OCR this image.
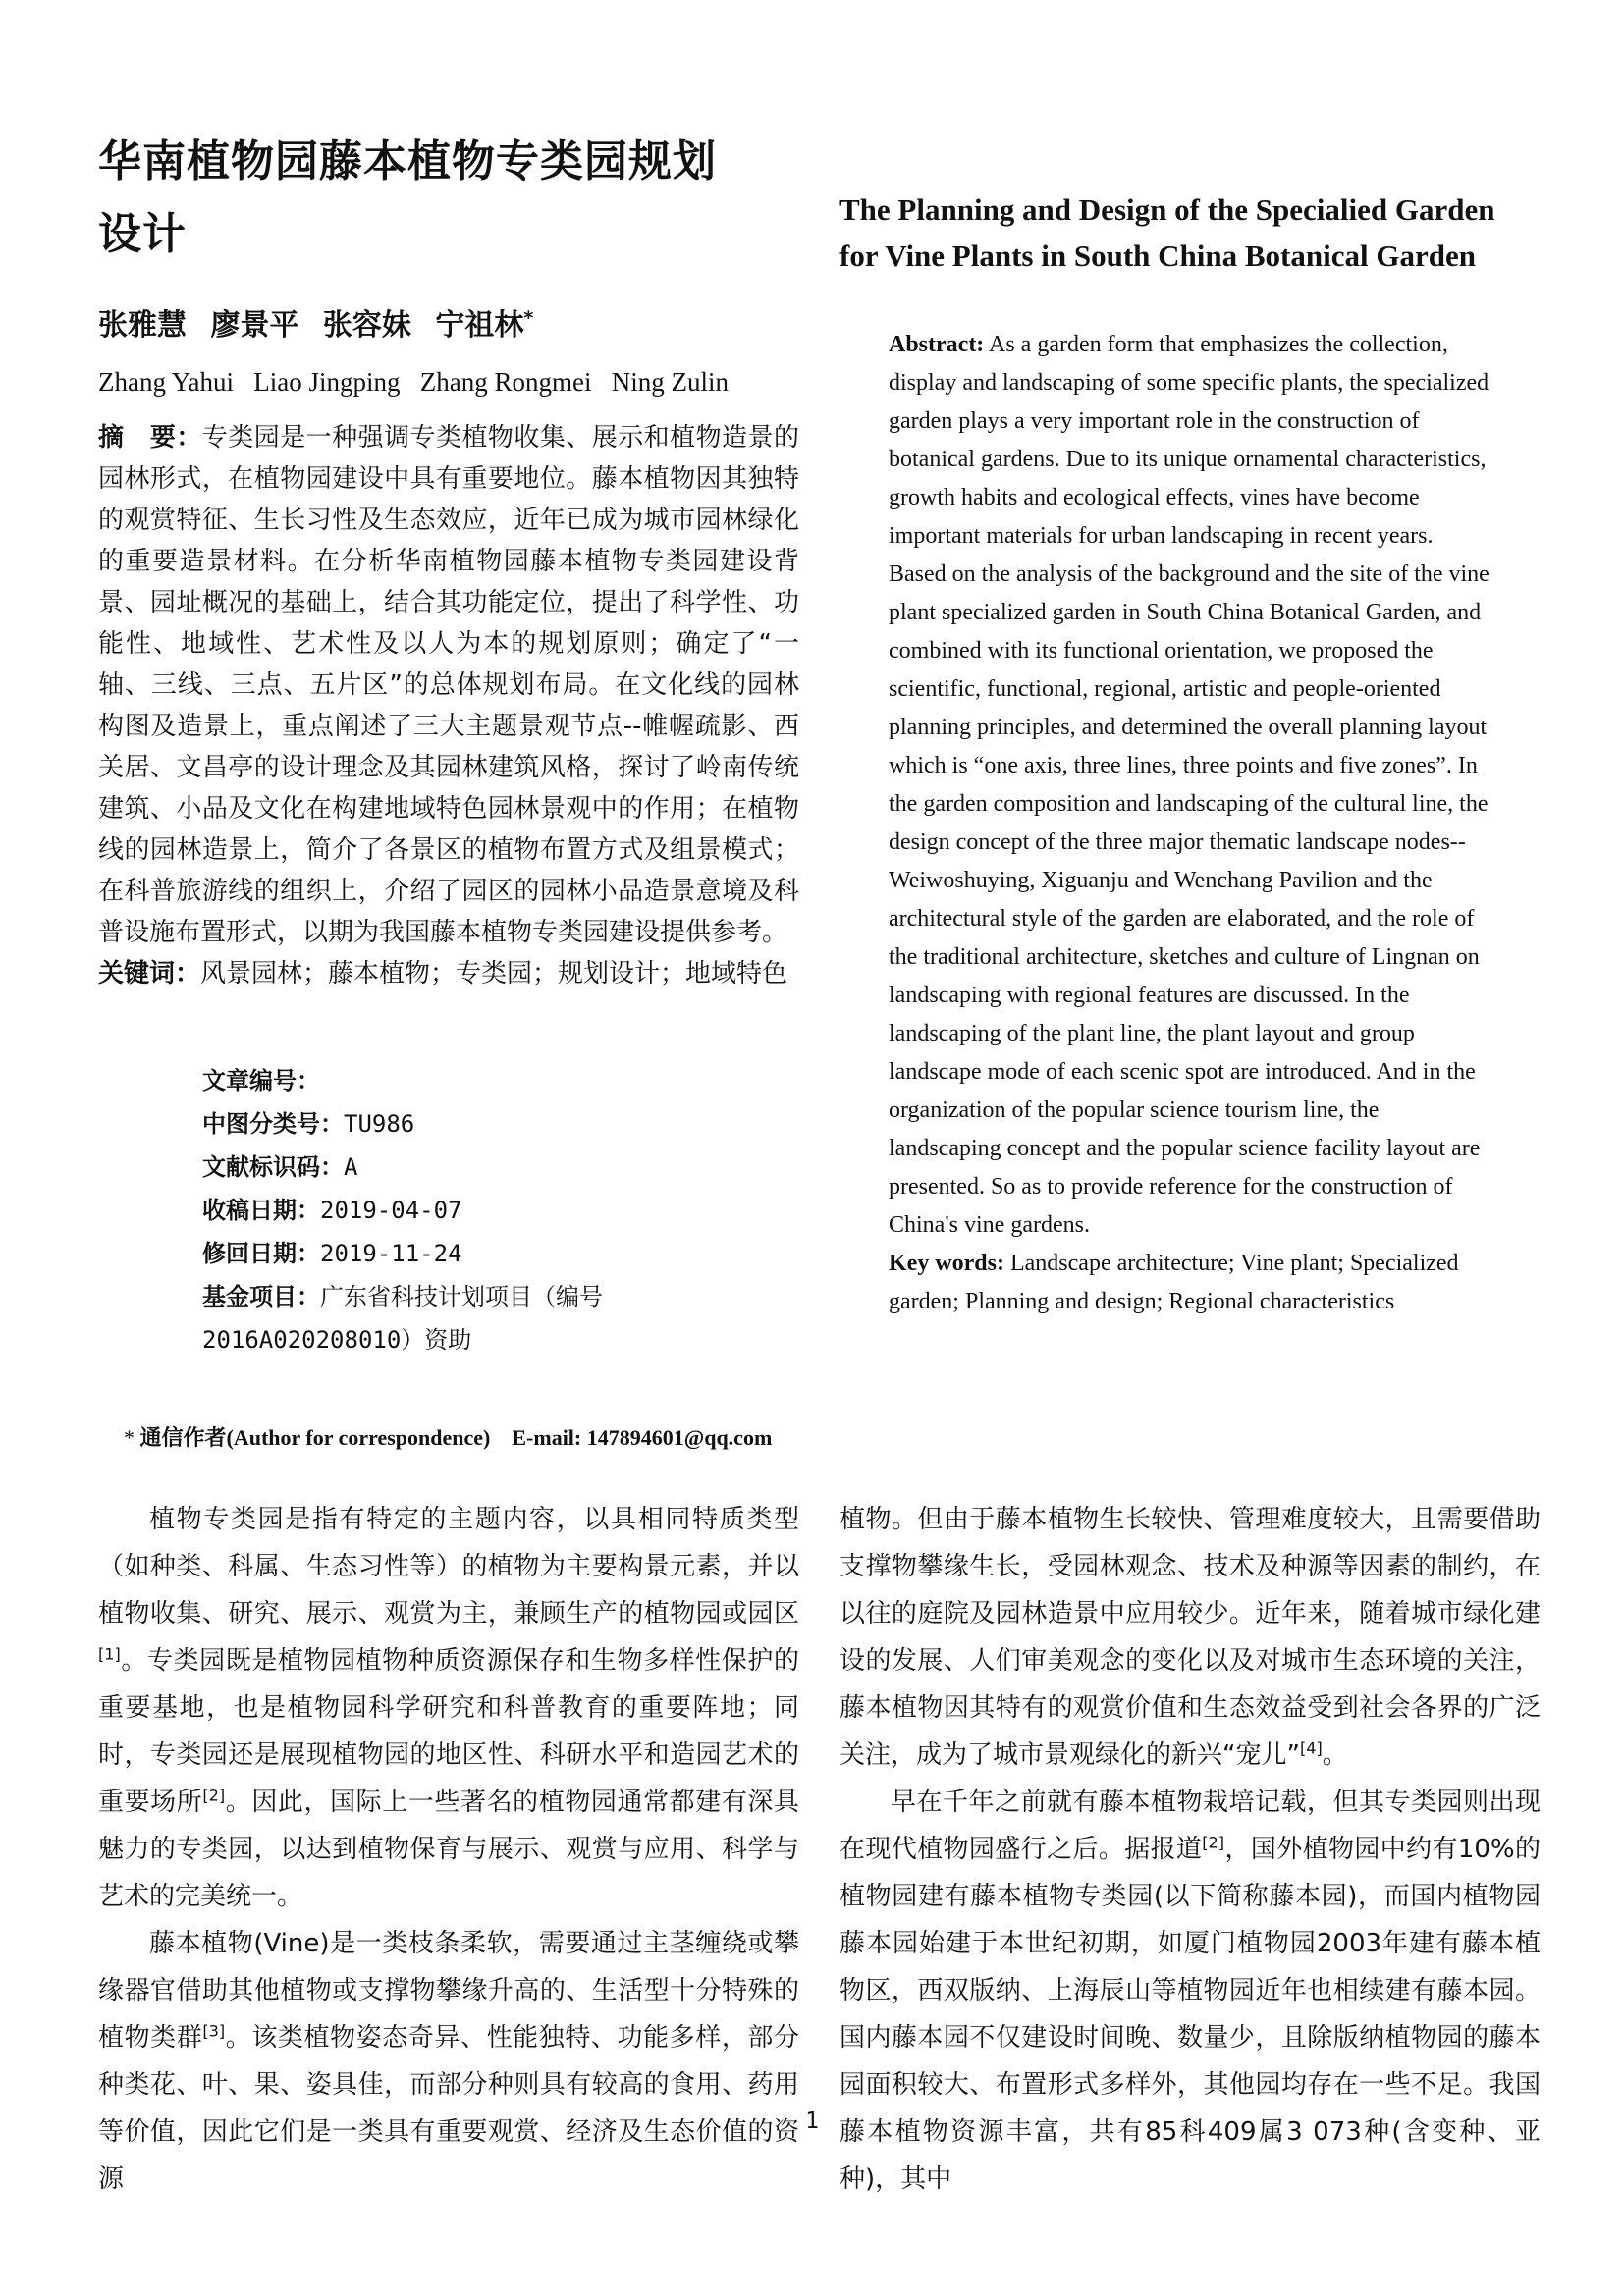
华南植物园藤本植物专类园规划设计
张雅慧 廖景平 张容妹 宁祖林*
Zhang Yahui   Liao Jingping   Zhang Rongmei   Ning Zulin

摘　要：专类园是一种强调专类植物收集、展示和植物造景的园林形式，在植物园建设中具有重要地位。藤本植物因其独特的观赏特征、生长习性及生态效应，近年已成为城市园林绿化的重要造景材料。在分析华南植物园藤本植物专类园建设背景、园址概况的基础上，结合其功能定位，提出了科学性、功能性、地域性、艺术性及以人为本的规划原则；确定了“一轴、三线、三点、五片区”的总体规划布局。在文化线的园林构图及造景上，重点阐述了三大主题景观节点--帷幄疏影、西关居、文昌亭的设计理念及其园林建筑风格，探讨了岭南传统建筑、小品及文化在构建地域特色园林景观中的作用；在植物线的园林造景上，简介了各景区的植物布置方式及组景模式；在科普旅游线的组织上，介绍了园区的园林小品造景意境及科普设施布置形式，以期为我国藤本植物专类园建设提供参考。

关键词：风景园林；藤本植物；专类园；规划设计；地域特色

文章编号：
中图分类号：TU986
文献标识码：A
收稿日期：2019-04-07
修回日期：2019-11-24
基金项目：广东省科技计划项目（编号2016A020208010）资助
The Planning and Design of the Specialied Garden for Vine Plants in South China Botanical Garden

Abstract: As a garden form that emphasizes the collection, display and landscaping of some specific plants, the specialized garden plays a very important role in the construction of botanical gardens. Due to its unique ornamental characteristics, growth habits and ecological effects, vines have become important materials for urban landscaping in recent years. Based on the analysis of the background and the site of the vine plant specialized garden in South China Botanical Garden, and combined with its functional orientation, we proposed the scientific, functional, regional, artistic and people-oriented planning principles, and determined the overall planning layout which is “one axis, three lines, three points and five zones”. In the garden composition and landscaping of the cultural line, the design concept of the three major thematic landscape nodes--Weiwoshuying, Xiguanju and Wenchang Pavilion and the architectural style of the garden are elaborated, and the role of the traditional architecture, sketches and culture of Lingnan on landscaping with regional features are discussed. In the landscaping of the plant line, the plant layout and group landscape mode of each scenic spot are introduced. And in the organization of the popular science tourism line, the landscaping concept and the popular science facility layout are presented. So as to provide reference for the construction of China's vine gardens.

Key words: Landscape architecture; Vine plant; Specialized garden; Planning and design; Regional characteristics

* 通信作者(Author for correspondence)　E-mail: 147894601@qq.com

植物专类园是指有特定的主题内容，以具相同特质类型（如种类、科属、生态习性等）的植物为主要构景元素，并以植物收集、研究、展示、观赏为主，兼顾生产的植物园或园区[1]。专类园既是植物园植物种质资源保存和生物多样性保护的重要基地，也是植物园科学研究和科普教育的重要阵地；同时，专类园还是展现植物园的地区性、科研水平和造园艺术的重要场所[2]。因此，国际上一些著名的植物园通常都建有深具魅力的专类园，以达到植物保育与展示、观赏与应用、科学与艺术的完美统一。

藤本植物(Vine)是一类枝条柔软，需要通过主茎缠绕或攀缘器官借助其他植物或支撑物攀缘升高的、生活型十分特殊的植物类群[3]。该类植物姿态奇异、性能独特、功能多样，部分种类花、叶、果、姿具佳，而部分种则具有较高的食用、药用等价值，因此它们是一类具有重要观赏、经济及生态价值的资源

植物。但由于藤本植物生长较快、管理难度较大，且需要借助支撑物攀缘生长，受园林观念、技术及种源等因素的制约，在以往的庭院及园林造景中应用较少。近年来，随着城市绿化建设的发展、人们审美观念的变化以及对城市生态环境的关注，藤本植物因其特有的观赏价值和生态效益受到社会各界的广泛关注，成为了城市景观绿化的新兴“宠儿”[4]。

早在千年之前就有藤本植物栽培记载，但其专类园则出现在现代植物园盛行之后。据报道[2]，国外植物园中约有10%的植物园建有藤本植物专类园(以下简称藤本园)，而国内植物园藤本园始建于本世纪初期，如厦门植物园2003年建有藤本植物区，西双版纳、上海辰山等植物园近年也相续建有藤本园。国内藤本园不仅建设时间晚、数量少，且除版纳植物园的藤本园面积较大、布置形式多样外，其他园均存在一些不足。我国藤本植物资源丰富，共有85科409属3 073种(含变种、亚种)，其中

1
